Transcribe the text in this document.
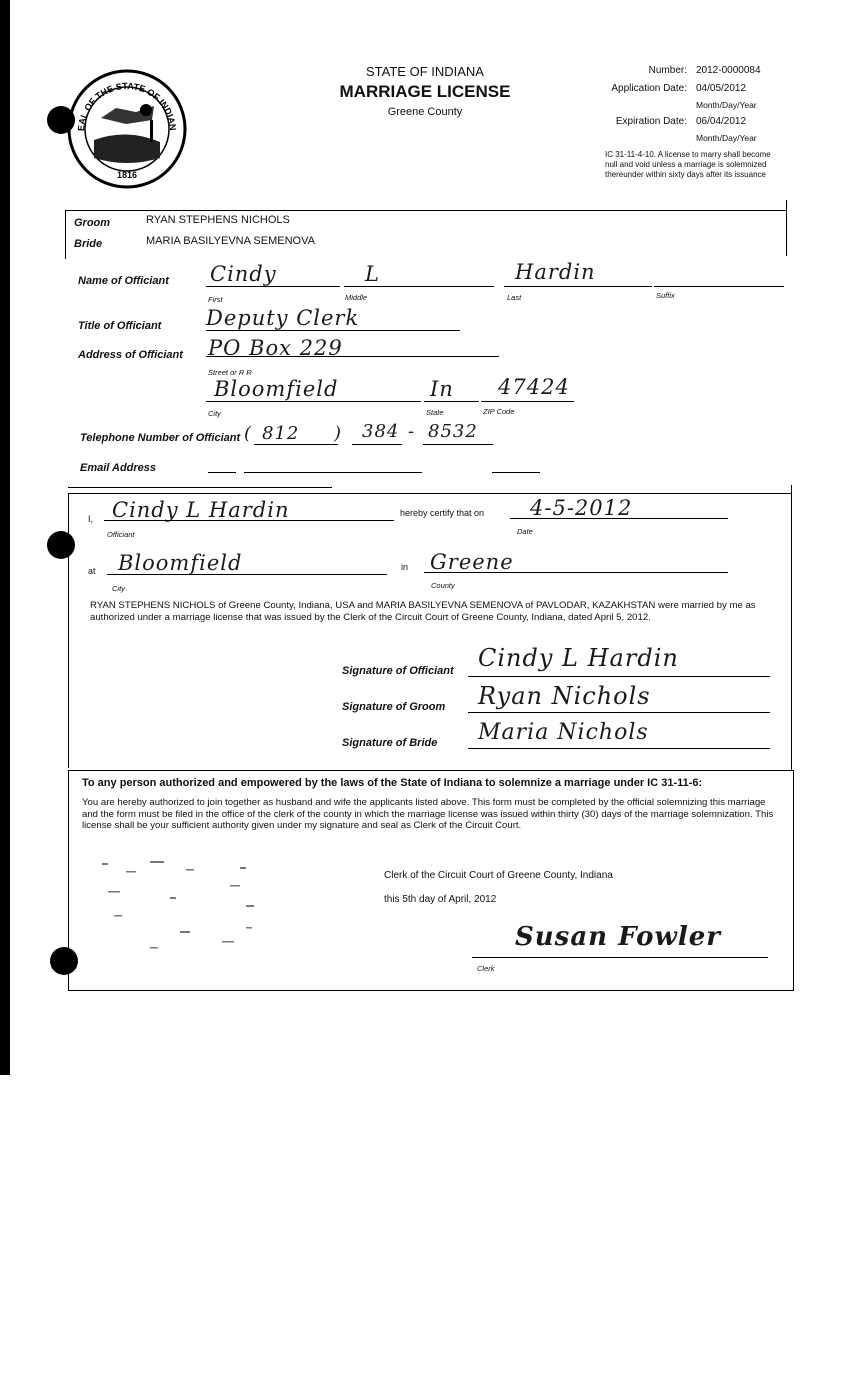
EAL OF THE STATE OF INDIAN
1816
STATE OF INDIANA
MARRIAGE LICENSE
Greene County
Number: 2012-0000084
Application Date: 04/05/2012
Month/Day/Year
Expiration Date: 06/04/2012
Month/Day/Year
IC 31-11-4-10. A license to marry shall become null and void unless a marriage is solemnized thereunder within sixty days after its issuance
Groom	RYAN STEPHENS NICHOLS
Bride	MARIA BASILYEVNA SEMENOVA
Name of Officiant Cindy	L	Hardin
First	Middle	Last	Suffix
Title of Officiant Deputy Clerk
Address of Officiant PO Box 229
Street or R R
Bloomfield	In 47424
City	State	ZIP Code
Telephone Number of Officiant ( 812 ) 384 - 8532
Email Address
I, Cindy L Hardin
Officiant
hereby certify that on 4-5-2012
Date
at Bloomfield
City
in Greene
County
RYAN STEPHENS NICHOLS of Greene County, Indiana, USA and MARIA BASILYEVNA SEMENOVA of PAVLODAR, KAZAKHSTAN were married by me as authorized under a marriage license that was issued by the Clerk of the Circuit Court of Greene County, Indiana, dated April 5, 2012.
Signature of Officiant Cindy L Hardin
Signature of Groom Ryan Nichols
Signature of Bride Maria Nichols
To any person authorized and empowered by the laws of the State of Indiana to solemnize a marriage under IC 31-11-6:
You are hereby authorized to join together as husband and wife the applicants listed above. This form must be completed by the official solemnizing this marriage and the form must be filed in the office of the clerk of the county in which the marriage license was issued within thirty (30) days of the marriage solemnization. This license shall be your sufficient authority given under my signature and seal as Clerk of the Circuit Court.
Clerk of the Circuit Court of Greene County, Indiana
this 5th day of April, 2012
Susan Fowler
Clerk
